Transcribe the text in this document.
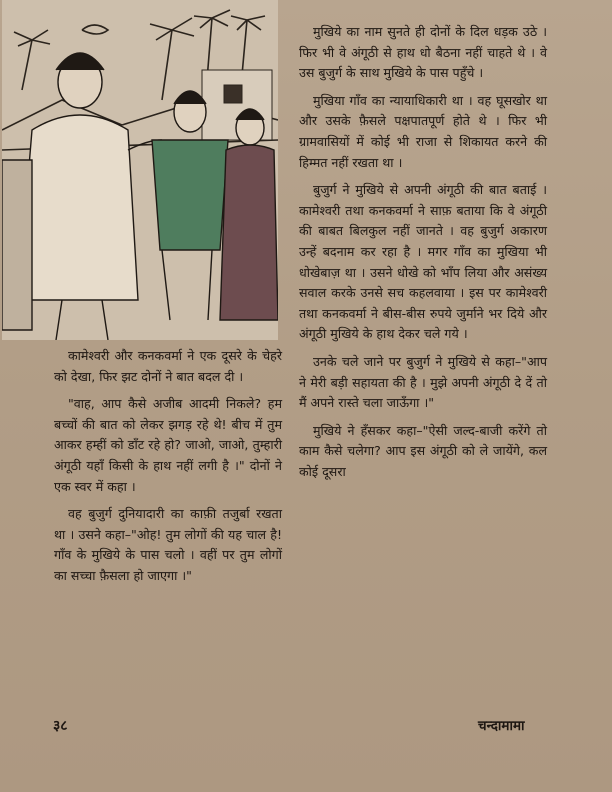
कामेश्वरी और कनकवर्मा ने एक दूसरे के चेहरे को देखा, फिर झट दोनों ने बात बदल दी ।

"वाह, आप कैसे अजीब आदमी निकले? हम बच्चों की बात को लेकर झगड़ रहे थे! बीच में तुम आकर हम्हीं को डाँट रहे हो? जाओ, जाओ, तुम्हारी अंगूठी यहाँ किसी के हाथ नहीं लगी है ।" दोनों ने एक स्वर में कहा ।

वह बुजुर्ग दुनियादारी का काफ़ी तजुर्बा रखता था । उसने कहा–"ओह! तुम लोगों की यह चाल है! गाँव के मुखिये के पास चलो । वहीं पर तुम लोगों का सच्चा फ़ैसला हो जाएगा ।"

मुखिये का नाम सुनते ही दोनों के दिल धड़क उठे । फिर भी वे अंगूठी से हाथ धो बैठना नहीं चाहते थे । वे उस बुजुर्ग के साथ मुखिये के पास पहुँचे ।

मुखिया गाँव का न्यायाधिकारी था । वह घूसखोर था और उसके फ़ैसले पक्षपातपूर्ण होते थे । फिर भी ग्रामवासियों में कोई भी राजा से शिकायत करने की हिम्मत नहीं रखता था ।

बुजुर्ग ने मुखिये से अपनी अंगूठी की बात बताई । कामेश्वरी तथा कनकवर्मा ने साफ़ बताया कि वे अंगूठी की बाबत बिलकुल नहीं जानते । वह बुजुर्ग अकारण उन्हें बदनाम कर रहा है । मगर गाँव का मुखिया भी धोखेबाज़ था । उसने धोखे को भाँप लिया और असंख्य सवाल करके उनसे सच कहलवाया । इस पर कामेश्वरी तथा कनकवर्मा ने बीस-बीस रुपये जुर्माने भर दिये और अंगूठी मुखिये के हाथ देकर चले गये ।

उनके चले जाने पर बुजुर्ग ने मुखिये से कहा–"आप ने मेरी बड़ी सहायता की है । मुझे अपनी अंगूठी दे दें तो मैं अपने रास्ते चला जाऊँगा ।"

मुखिये ने हँसकर कहा–"ऐसी जल्द-बाजी करेंगे तो काम कैसे चलेगा? आप इस अंगूठी को ले जायेंगे, कल कोई दूसरा

३८	चन्दामामा
